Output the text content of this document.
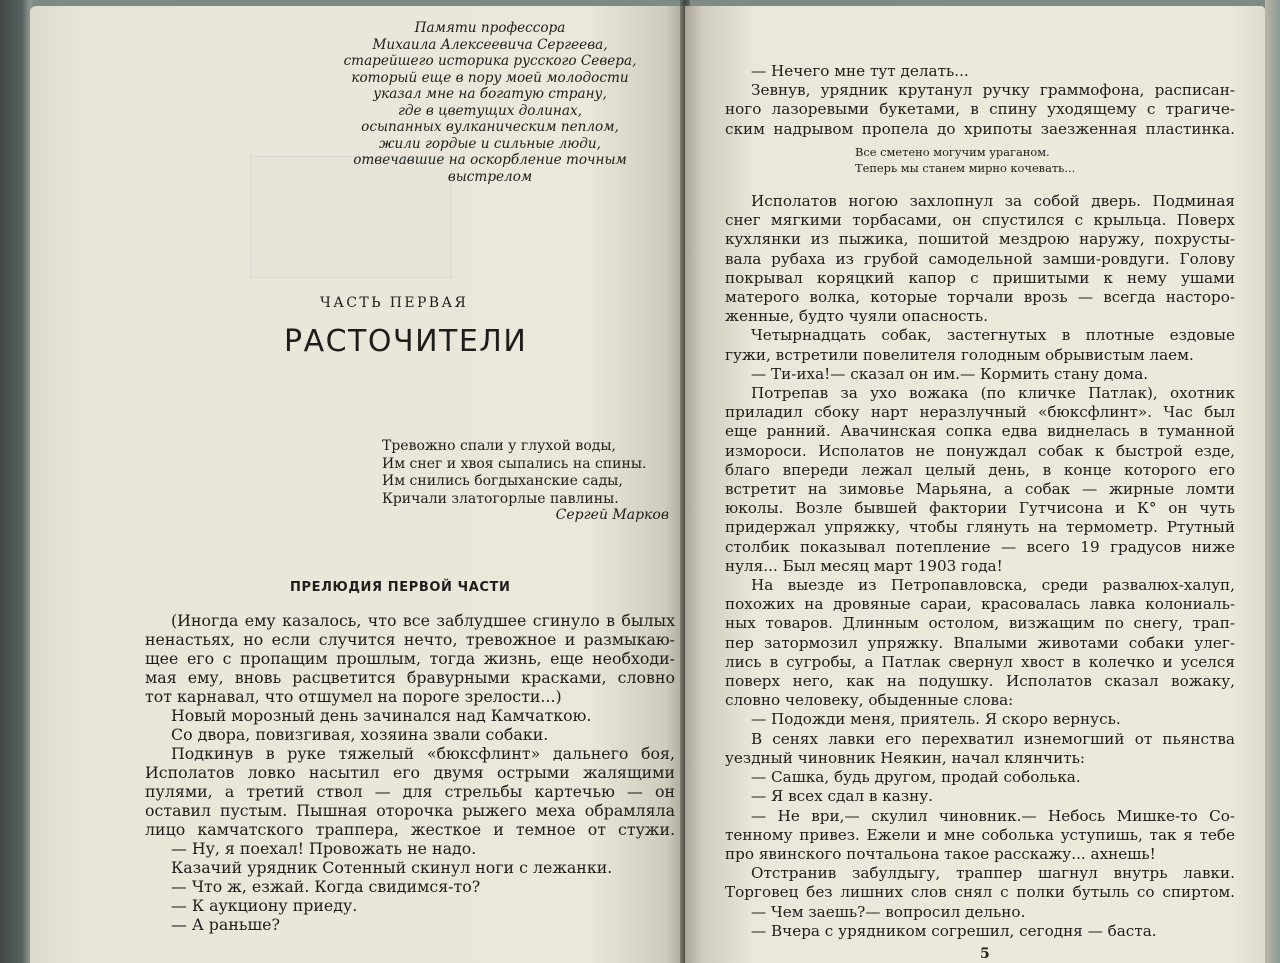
Памяти профессора
Михаила Алексеевича Сергеева,
старейшего историка русского Севера,
который еще в пору моей молодости
указал мне на богатую страну,
где в цветущих долинах,
осыпанных вулканическим пеплом,
жили гордые и сильные люди,
отвечавшие на оскорбление точным
выстрелом
ЧАСТЬ ПЕРВАЯ
РАСТОЧИТЕЛИ
Тревожно спали у глухой воды,
Им снег и хвоя сыпались на спины.
Им снились богдыханские сады,
Кричали златогорлые павлины.
Сергей Марков
ПРЕЛЮДИЯ ПЕРВОЙ ЧАСТИ
(Иногда ему казалось, что все заблудшее сгинуло в былых
ненастьях, но если случится нечто, тревожное и размыкаю-
щее его с пропащим прошлым, тогда жизнь, еще необходи-
мая ему, вновь расцветится бравурными красками, словно
тот карнавал, что отшумел на пороге зрелости...)
Новый морозный день зачинался над Камчаткою.
Со двора, повизгивая, хозяина звали собаки.
Подкинув в руке тяжелый «бюксфлинт» дальнего боя,
Исполатов ловко насытил его двумя острыми жалящими
пулями, а третий ствол — для стрельбы картечью — он
оставил пустым. Пышная оторочка рыжего меха обрамляла
лицо камчатского траппера, жесткое и темное от стужи.
— Ну, я поехал! Провожать не надо.
Казачий урядник Сотенный скинул ноги с лежанки.
— Что ж, езжай. Когда свидимся-то?
— К аукциону приеду.
— А раньше?
— Нечего мне тут делать...
Зевнув, урядник крутанул ручку граммофона, расписан-
ного лазоревыми букетами, в спину уходящему с трагиче-
ским надрывом пропела до хрипоты заезженная пластинка.
Все сметено могучим ураганом.
Теперь мы станем мирно кочевать...
Исполатов ногою захлопнул за собой дверь. Подминая
снег мягкими торбасами, он спустился с крыльца. Поверх
кухлянки из пыжика, пошитой мездрою наружу, похрусты-
вала рубаха из грубой самодельной замши-ровдуги. Голову
покрывал коряцкий капор с пришитыми к нему ушами
матерого волка, которые торчали врозь — всегда насторо-
женные, будто чуяли опасность.
Четырнадцать собак, застегнутых в плотные ездовые
гужи, встретили повелителя голодным обрывистым лаем.
— Ти-иха!— сказал он им.— Кормить стану дома.
Потрепав за ухо вожака (по кличке Патлак), охотник
приладил сбоку нарт неразлучный «бюксфлинт». Час был
еще ранний. Авачинская сопка едва виднелась в туманной
измороси. Исполатов не понуждал собак к быстрой езде,
благо впереди лежал целый день, в конце которого его
встретит на зимовье Марьяна, а собак — жирные ломти
юколы. Возле бывшей фактории Гутчисона и К° он чуть
придержал упряжку, чтобы глянуть на термометр. Ртутный
столбик показывал потепление — всего 19 градусов ниже
нуля... Был месяц март 1903 года!
На выезде из Петропавловска, среди развалюх-халуп,
похожих на дровяные сараи, красовалась лавка колониаль-
ных товаров. Длинным остолом, визжащим по снегу, трап-
пер затормозил упряжку. Впалыми животами собаки улег-
лись в сугробы, а Патлак свернул хвост в колечко и уселся
поверх него, как на подушку. Исполатов сказал вожаку,
словно человеку, обыденные слова:
— Подожди меня, приятель. Я скоро вернусь.
В сенях лавки его перехватил изнемогший от пьянства
уездный чиновник Неякин, начал клянчить:
— Сашка, будь другом, продай соболька.
— Я всех сдал в казну.
— Не ври,— скулил чиновник.— Небось Мишке-то Со-
тенному привез. Ежели и мне соболька уступишь, так я тебе
про явинского почтальона такое расскажу... ахнешь!
Отстранив забулдыгу, траппер шагнул внутрь лавки.
Торговец без лишних слов снял с полки бутыль со спиртом.
— Чем заешь?— вопросил дельно.
— Вчера с урядником согрешил, сегодня — баста.
5
